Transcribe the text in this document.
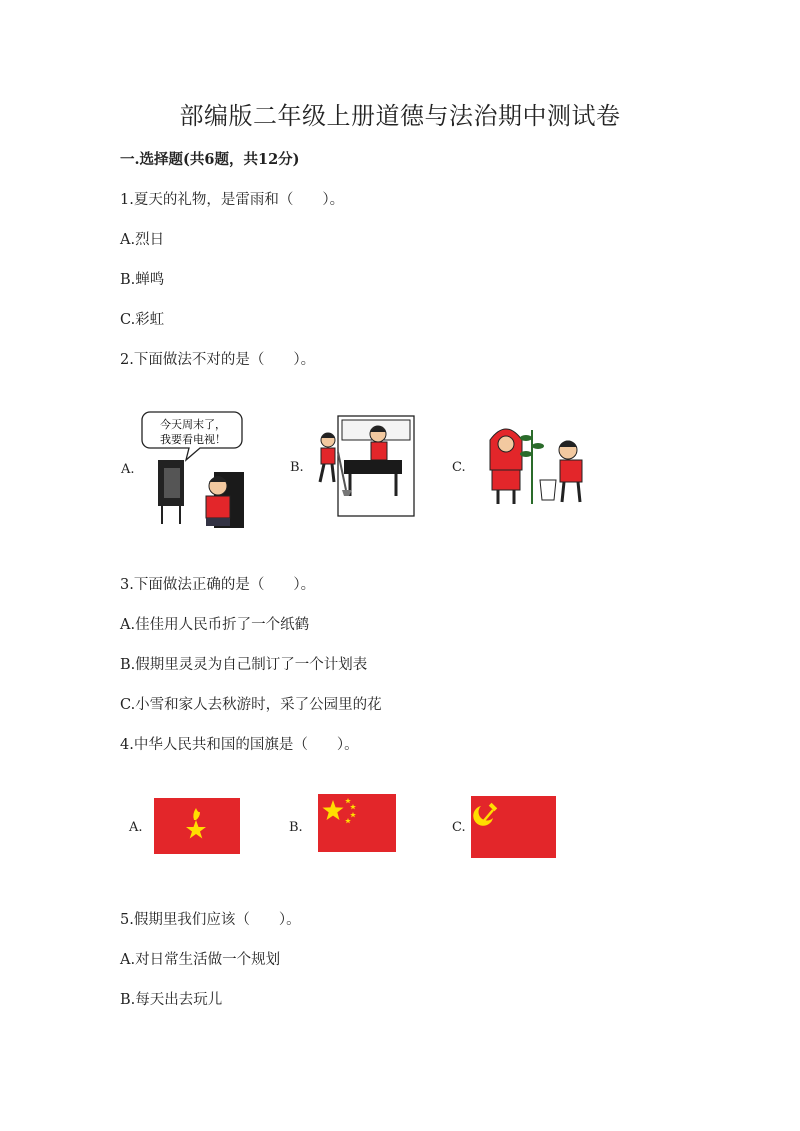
部编版二年级上册道德与法治期中测试卷
一.选择题(共6题，共12分)
1.夏天的礼物，是雷雨和（　　）。
A.烈日
B.蝉鸣
C.彩虹
2.下面做法不对的是（　　）。
A.
今天周末了，
我要看电视！
B.	C.
3.下面做法正确的是（　　）。
A.佳佳用人民币折了一个纸鹤
B.假期里灵灵为自己制订了一个计划表
C.小雪和家人去秋游时，采了公园里的花
4.中华人民共和国的国旗是（　　）。
A.	B.	C.
5.假期里我们应该（　　）。
A.对日常生活做一个规划
B.每天出去玩儿
